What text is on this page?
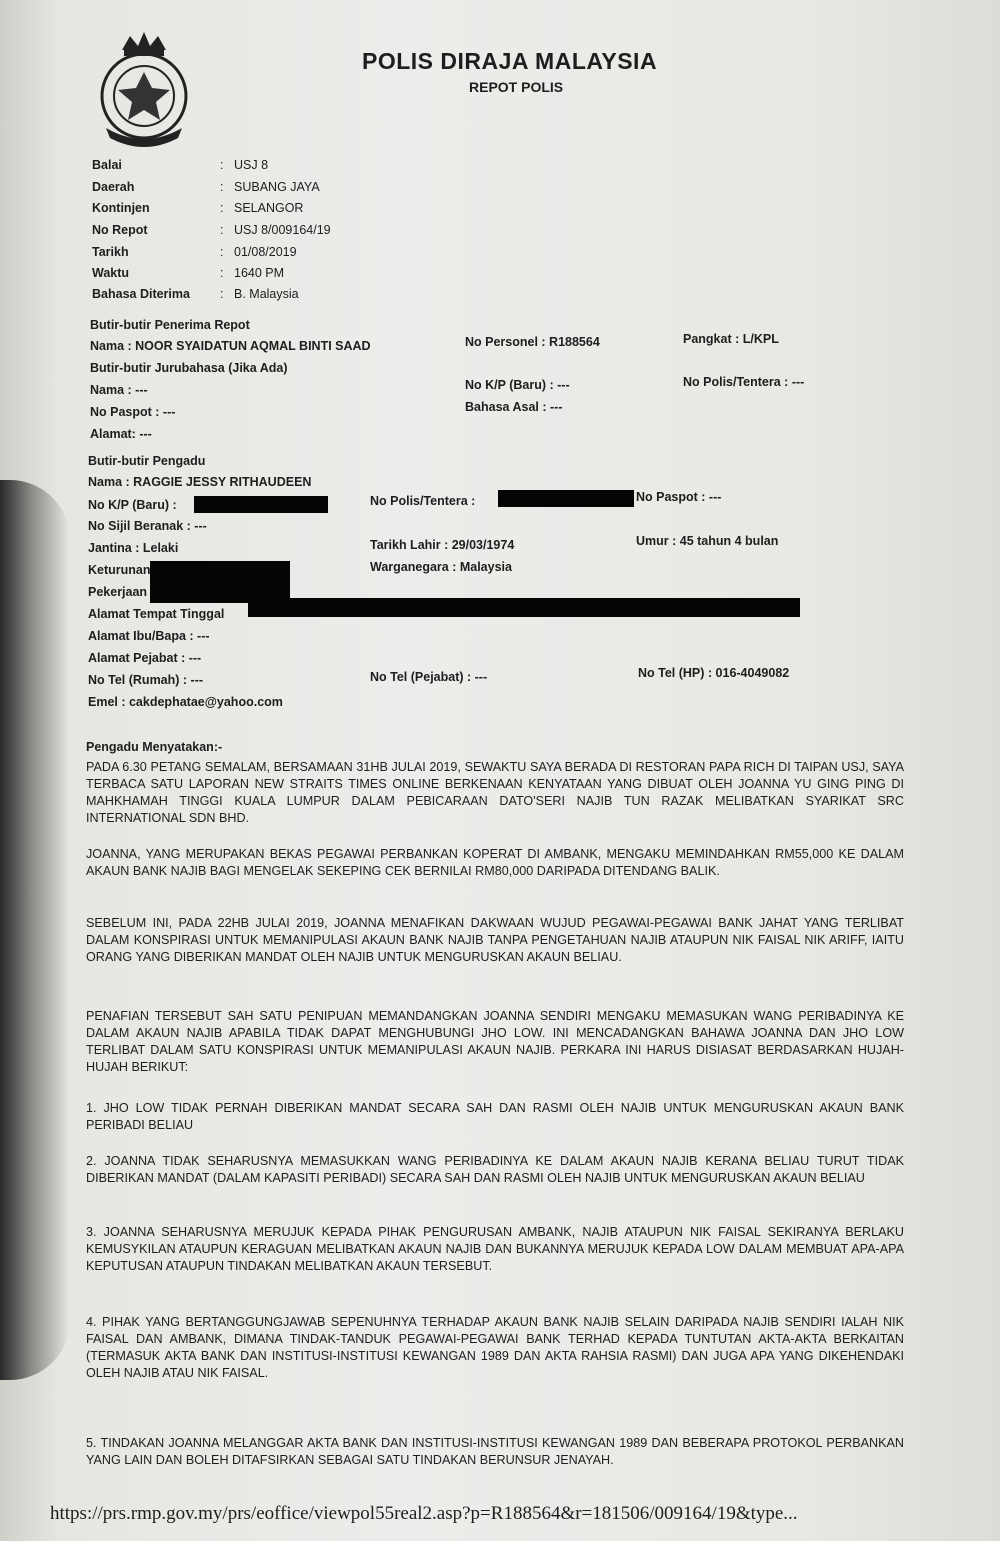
POLIS DIRAJA MALAYSIA
REPOT POLIS
Balai	: USJ 8
Daerah	: SUBANG JAYA
Kontinjen	: SELANGOR
No Repot	: USJ 8/009164/19
Tarikh	: 01/08/2019
Waktu	: 1640 PM
Bahasa Diterima : B. Malaysia
Butir-butir Penerima Repot
Nama : NOOR SYAIDATUN AQMAL BINTI SAAD	No Personel : R188564	Pangkat : L/KPL
Butir-butir Jurubahasa (Jika Ada)
Nama : ---	No K/P (Baru) : ---	No Polis/Tentera : ---
No Paspot : ---	Bahasa Asal : ---
Alamat: ---
Butir-butir Pengadu
Nama : RAGGIE JESSY RITHAUDEEN
No K/P (Baru) :	No Polis/Tentera :	No Paspot : ---
No Sijil Beranak : ---
Jantina : Lelaki	Tarikh Lahir : 29/03/1974	Umur : 45 tahun 4 bulan
Keturunan	Warganegara : Malaysia
Pekerjaan
Alamat Tempat Tinggal
Alamat Ibu/Bapa : ---
Alamat Pejabat : ---
No Tel (Rumah) : ---	No Tel (Pejabat) : ---	No Tel (HP) : 016-4049082
Emel : cakdephatae@yahoo.com
Pengadu Menyatakan:-
PADA 6.30 PETANG SEMALAM, BERSAMAAN 31HB JULAI 2019, SEWAKTU SAYA BERADA DI RESTORAN PAPA RICH DI TAIPAN USJ, SAYA TERBACA SATU LAPORAN NEW STRAITS TIMES ONLINE BERKENAAN KENYATAAN YANG DIBUAT OLEH JOANNA YU GING PING DI MAHKHAMAH TINGGI KUALA LUMPUR DALAM PEBICARAAN DATO'SERI NAJIB TUN RAZAK MELIBATKAN SYARIKAT SRC INTERNATIONAL SDN BHD.
JOANNA, YANG MERUPAKAN BEKAS PEGAWAI PERBANKAN KOPERAT DI AMBANK, MENGAKU MEMINDAHKAN RM55,000 KE DALAM AKAUN BANK NAJIB BAGI MENGELAK SEKEPING CEK BERNILAI RM80,000 DARIPADA DITENDANG BALIK.
SEBELUM INI, PADA 22HB JULAI 2019, JOANNA MENAFIKAN DAKWAAN WUJUD PEGAWAI-PEGAWAI BANK JAHAT YANG TERLIBAT DALAM KONSPIRASI UNTUK MEMANIPULASI AKAUN BANK NAJIB TANPA PENGETAHUAN NAJIB ATAUPUN NIK FAISAL NIK ARIFF, IAITU ORANG YANG DIBERIKAN MANDAT OLEH NAJIB UNTUK MENGURUSKAN AKAUN BELIAU.
PENAFIAN TERSEBUT SAH SATU PENIPUAN MEMANDANGKAN JOANNA SENDIRI MENGAKU MEMASUKAN WANG PERIBADINYA KE DALAM AKAUN NAJIB APABILA TIDAK DAPAT MENGHUBUNGI JHO LOW. INI MENCADANGKAN BAHAWA JOANNA DAN JHO LOW TERLIBAT DALAM SATU KONSPIRASI UNTUK MEMANIPULASI AKAUN NAJIB. PERKARA INI HARUS DISIASAT BERDASARKAN HUJAH-HUJAH BERIKUT:
1. JHO LOW TIDAK PERNAH DIBERIKAN MANDAT SECARA SAH DAN RASMI OLEH NAJIB UNTUK MENGURUSKAN AKAUN BANK PERIBADI BELIAU
2. JOANNA TIDAK SEHARUSNYA MEMASUKKAN WANG PERIBADINYA KE DALAM AKAUN NAJIB KERANA BELIAU TURUT TIDAK DIBERIKAN MANDAT (DALAM KAPASITI PERIBADI) SECARA SAH DAN RASMI OLEH NAJIB UNTUK MENGURUSKAN AKAUN BELIAU
3. JOANNA SEHARUSNYA MERUJUK KEPADA PIHAK PENGURUSAN AMBANK, NAJIB ATAUPUN NIK FAISAL SEKIRANYA BERLAKU KEMUSYKILAN ATAUPUN KERAGUAN MELIBATKAN AKAUN NAJIB DAN BUKANNYA MERUJUK KEPADA LOW DALAM MEMBUAT APA-APA KEPUTUSAN ATAUPUN TINDAKAN MELIBATKAN AKAUN TERSEBUT.
4. PIHAK YANG BERTANGGUNGJAWAB SEPENUHNYA TERHADAP AKAUN BANK NAJIB SELAIN DARIPADA NAJIB SENDIRI IALAH NIK FAISAL DAN AMBANK, DIMANA TINDAK-TANDUK PEGAWAI-PEGAWAI BANK TERHAD KEPADA TUNTUTAN AKTA-AKTA BERKAITAN (TERMASUK AKTA BANK DAN INSTITUSI-INSTITUSI KEWANGAN 1989 DAN AKTA RAHSIA RASMI) DAN JUGA APA YANG DIKEHENDAKI OLEH NAJIB ATAU NIK FAISAL.
5. TINDAKAN JOANNA MELANGGAR AKTA BANK DAN INSTITUSI-INSTITUSI KEWANGAN 1989 DAN BEBERAPA PROTOKOL PERBANKAN YANG LAIN DAN BOLEH DITAFSIRKAN SEBAGAI SATU TINDAKAN BERUNSUR JENAYAH.
https://prs.rmp.gov.my/prs/eoffice/viewpol55real2.asp?p=R188564&r=181506/009164/19&type...
